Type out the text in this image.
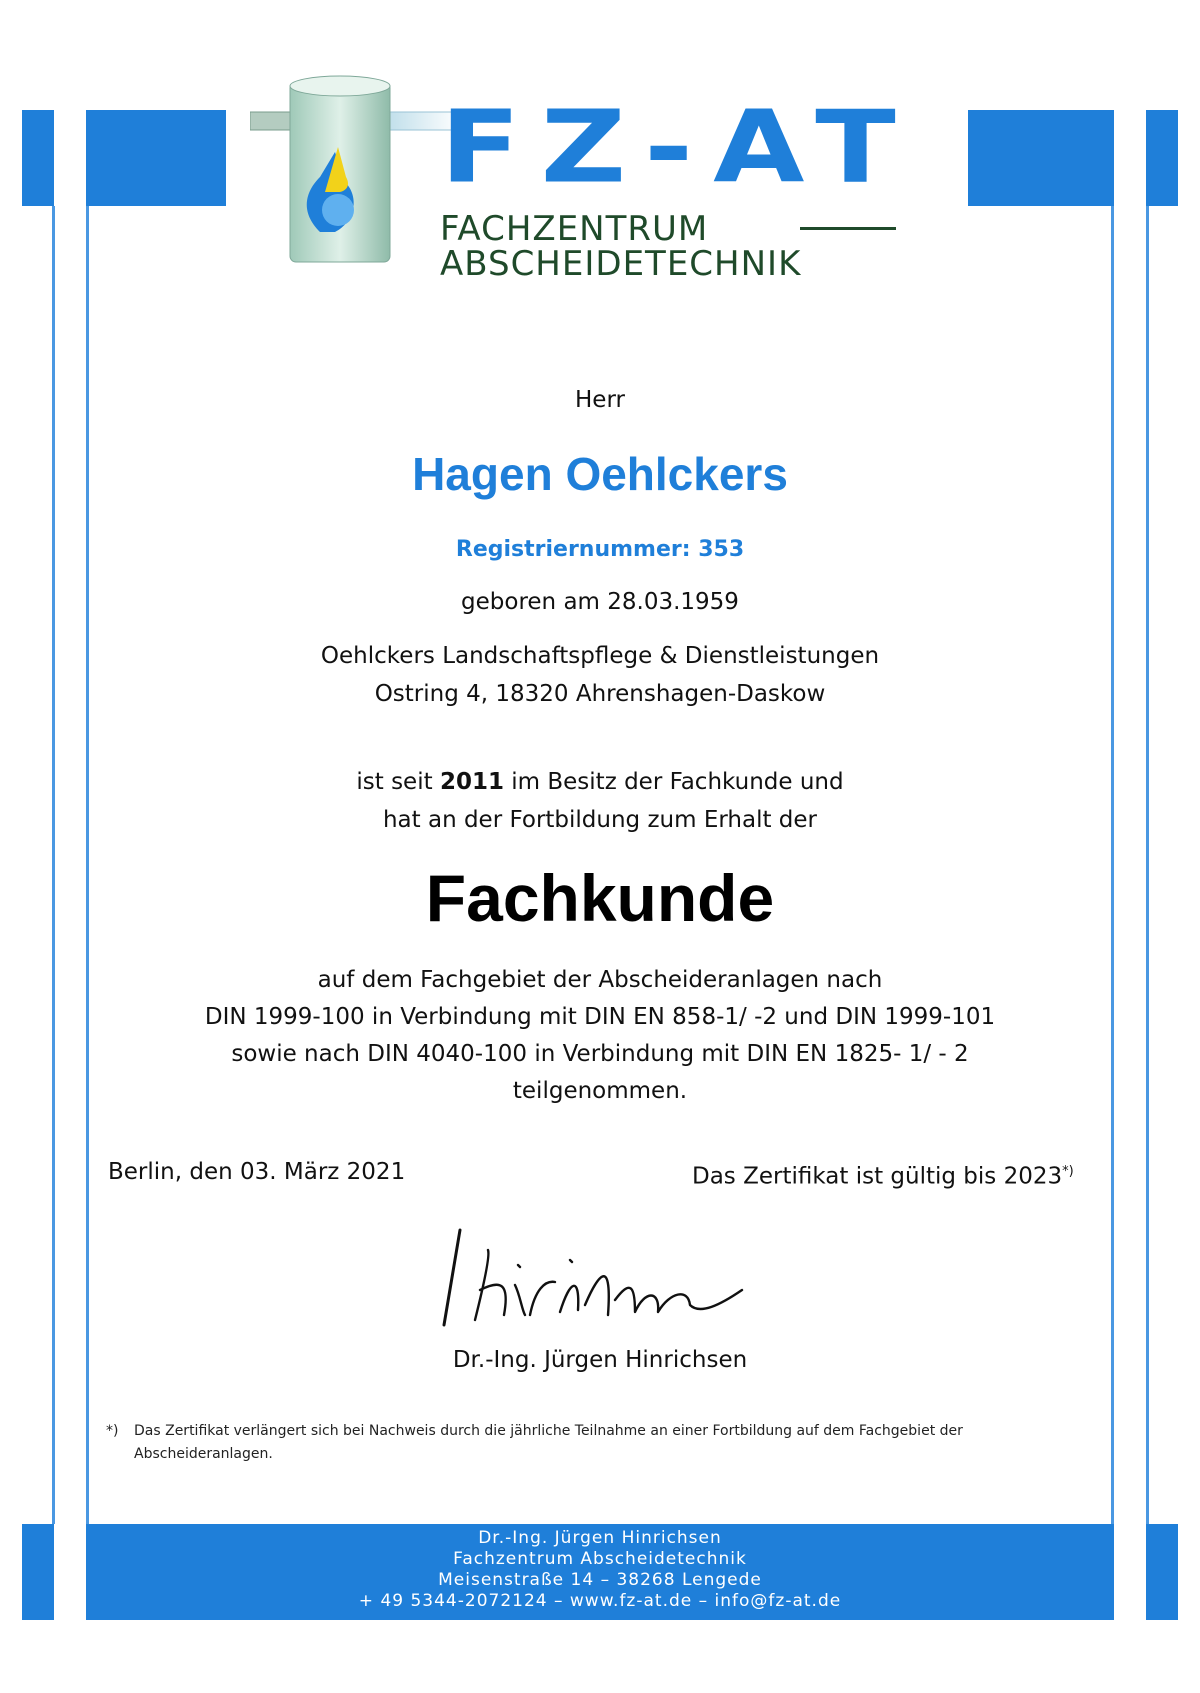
FZ-AT
FACHZENTRUM
ABSCHEIDETECHNIK
Herr
Hagen Oehlckers
Registriernummer: 353
geboren am 28.03.1959
Oehlckers Landschaftspflege & Dienstleistungen
Ostring 4, 18320 Ahrenshagen-Daskow
ist seit 2011 im Besitz der Fachkunde und
hat an der Fortbildung zum Erhalt der
Fachkunde
auf dem Fachgebiet der Abscheideranlagen nach
DIN 1999-100 in Verbindung mit DIN EN 858-1/ -2 und DIN 1999-101
sowie nach DIN 4040-100 in Verbindung mit DIN EN 1825- 1/ - 2
teilgenommen.
Berlin, den 03. März 2021	Das Zertifikat ist gültig bis 2023*)
Dr.-Ing. Jürgen Hinrichsen
*) Das Zertifikat verlängert sich bei Nachweis durch die jährliche Teilnahme an einer Fortbildung auf dem Fachgebiet der Abscheideranlagen.
Dr.-Ing. Jürgen Hinrichsen
Fachzentrum Abscheidetechnik
Meisenstraße 14 – 38268 Lengede
+ 49 5344-2072124 – www.fz-at.de – info@fz-at.de
